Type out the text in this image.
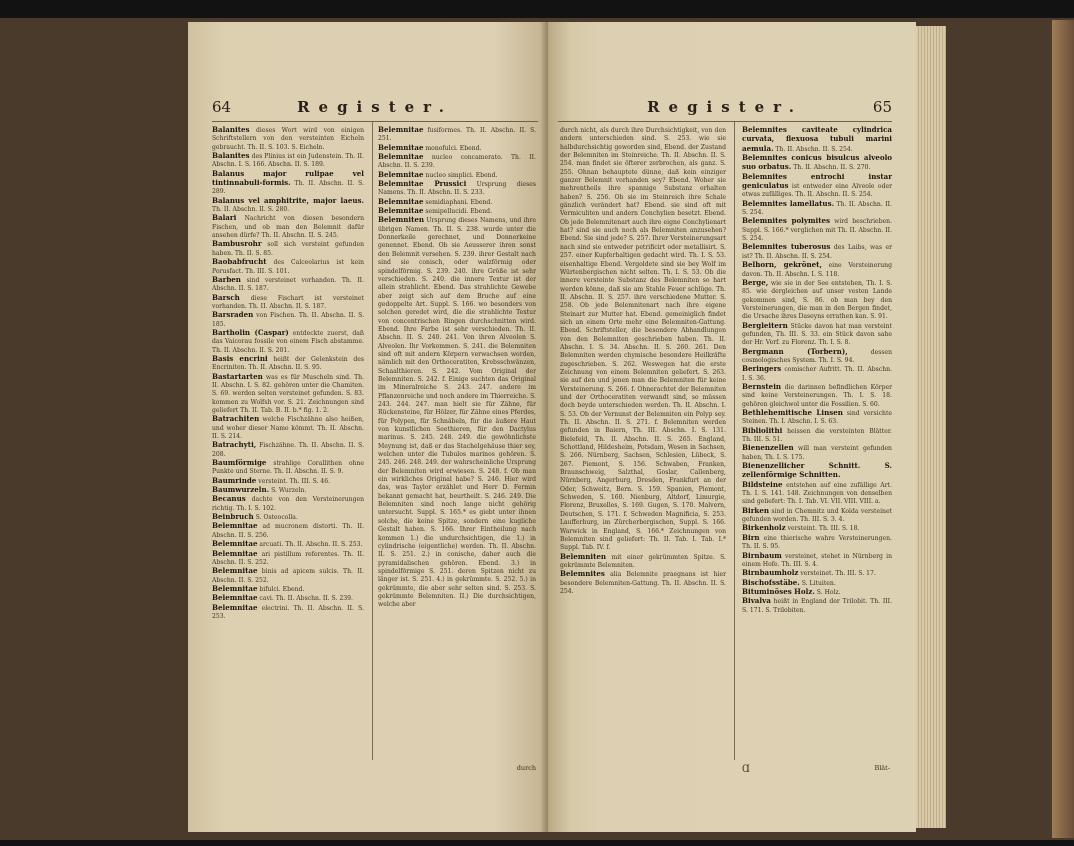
64	Register.

Balanites dieses Wort wird von einigen Schriftstellern von den versteinten Eicheln gebraucht. Th. II. S. 103. S. Eicheln.

Balanites des Plinius ist ein Judenstein. Th. II. Abschn. I. S. 166. Abschn. II. S. 189.

Balanus major rulipae vel tintinnabuli-formis. Th. II. Abschn. II. S. 289.

Balanus vel amphitrite, major laeus. Th. II. Abschn. II. S. 280.

Balari Nachricht von diesen besondern Fischen, und ob man den Belemnit dafür ansehen dürfe? Th. II. Abschn. II. S. 245.

Bambusrohr soll sich versteint gefunden haben. Th. II. S. 85.

Baobabfrucht des Calceolarius ist kein Porusfact. Th. III. S. 101.

Barben sind versteinet vorhanden. Th. II. Abschn. II. S. 187.

Barsch diese Fischart ist versteinet vorhanden. Th. II. Abschn. II. S. 187.

Barsraden von Fischen. Th. II. Abschn. II. S. 185.

Bartholin (Caspar) entdeckte zuerst, daß das Vaicorau fossile von einem Fisch abstamme. Th. II. Abschn. II. S. 201.

Basis encrini heißt der Gelenkstein des Encriniten. Th. II. Abschn. II. S. 95.

Bastartarten was es für Muscheln sind. Th. II. Abschn. I. S. 82. gehören unter die Chamiten. S. 69. werden selten versteinet gefunden. S. 83. kommen zu Wolfsh vor. S. 21. Zeichnungen sind geliefert Th. II. Tab. B. II. b.* fig. 1. 2.

Batrachiten welche Fischzähne also heißen, und woher dieser Name kömmt. Th. II. Abschn. II. S. 214.

Batrachyti, Fischzähne. Th. II. Abschn. II. S. 208.

Baumförmige strahlige Corallithen ohne Punkte und Sterne. Th. II. Abschn. II. S. 9.

Baumrinde versteint. Th. III. S. 46.

Baumwurzeln. S. Wurzeln.

Becanus dachte von den Versteinerungen richtig. Th. I. S. 102.

Beinbruch S. Osteocolla.

Belemnitae ad mucronem distorti. Th. II. Abschn. II. S. 256.

Belemnitae arcuati. Th. II. Abschn. II. S. 253.

Belemnitae ari pistillum referentes. Th. II. Abschn. II. S. 252.

Belemnitae binis ad apicem sulcis. Th. II. Abschn. II. S. 252.

Belemnitae bifulci. Ebend.

Belemnitae cavi. Th. II. Abschn. II. S. 239.

Belemnitae electrini. Th. II. Abschn. II. S. 253.

Belemnitae fusiformes. Th. II. Abschn. II. S. 251.

Belemnitae monofulci. Ebend.

Belemnitae nucleo concamerato. Th. II. Abschn. II. S. 239.

Belemnitae nucleo simplici. Ebend.

Belemnitae Prussici Ursprung dieses Namens. Th. II. Abschn. II. S. 233.

Belemnitae semidiaphani. Ebend.

Belemnitae semipellucidi. Ebend.

Belemniten Ursprung dieses Namens, und ihre übrigen Namen. Th. II. S. 238. wurde unter die Donnerkeile gerechnet, und Donnerkeine genennet. Ebend. Ob sie Aeusserer ihren sonst den Belemnit versehen. S. 239. ihrer Gestalt nach sind sie conisch, oder walzförmig oder spindelförmig. S. 239. 240. ihre Größe ist sehr verschieden. S. 240. die innere Textur ist der allein strahlicht. Ebend. Das strahlichte Gewebe aber zeigt sich auf dem Bruche auf eine gedoppelte Art. Suppl. S. 166. wo besonders von solchen geredet wird, die die strahlichte Textur von concentrischen Ringen durchschnitten wird. Ebend. Ihre Farbe ist sehr verschieden. Th. II. Abschn. II. S. 240. 241. Von ihren Alveolen S. Alveolen. Ihr Vorkommen. S. 241. die Belemniten sind oft mit andern Körpern verwachsen worden, nämlich mit den Orthoceratiten, Krebsschwänzen, Schaalthieren. S. 242. Vom Original der Belemniten. S. 242. f. Einige suchten das Original im Mineralreiche S. 243. 247. andere im Pflanzenreiche und noch andere im Thierreiche. S. 243. 244. 247. man hielt sie für Zähne, für Rückensteine, für Hölzer, für Zähne eines Pferdes, für Polypen, für Schnäbeln, für die äußere Haut von kunstlichen Seethieren, für den Dactylus marinus. S. 245. 248. 249. die gewöhnlichste Meynung ist, daß er das Stachelgehäuse thier sey, welchen unter die Tubulos marinos gehören. S. 245. 246. 248. 249. der wahrscheinliche Ursprung der Belemniten wird erwiesen. S. 248. f. Ob man ein wirkliches Original habe? S. 246. Hier wird das, was Taylor erzählet und Herr D. Fermin bekannt gemacht hat, beurtheilt. S. 246. 249. Die Belemniten sind noch lange nicht gehörig untersucht. Suppl. S. 165.* es giebt unter ihnen solche, die keine Spitze, sondern eine kugliche Gestalt haben. S. 166. Ihrer Eintheilung nach kommen 1.) die undurchsichtigen, die 1.) in cylindrische (eigentliche) werden. Th. II. Abschn. II. S. 251. 2.) in conische, daher auch die pyramidalischen gehören. Ebend. 3.) in spindelförmige S. 251. deren Spitzen nicht zu länger ist. S. 251. 4.) in gekrümmte. S. 252. 5.) in gekrümmte, die aber sehr selten sind. S. 253. S. gekrümmte Belemniten. II.) Die durchsichtigen, welche aber

durch
Register.	65

durch nicht, als durch ihre Durchsichtigkeit, von den andern unterschieden sind. S. 253. wie sie halbdurchsichtig geworden sind, Ebend. der Zustand der Belemniten im Steinreiche. Th. II. Abschn. II. S. 254. man findet sie öfterer zerbrochen, als ganz. S. 255. Ohnan behauptete dünne, daß kein einziger ganzer Belemnit vorhanden sey? Ebend. Woher sie mehrentheils ihre spannige Substanz erhalten haben? S. 256. Ob sie im Steinreich ihre Schale gänzlich verändert hat? Ebend. sie sind oft mit Vermiculiten und andern Conchylien besetzt. Ebend. Ob jede Belemnitenart auch ihre eigne Conchylienart hat? sind sie auch noch als Belemniten anzusehen? Ebend. Sie sind jede? S. 257. Ihrer Versteinerungsart nach sind sie entweder petrificirt oder metallisirt. S. 257. einer Kupferhaltigen gedacht wird. Th. I. S. 53. eisenhaltige Ebend. Vergoldete sind sie bey Wolf im Würtenbergischen nicht selten. Th. I. S. 53. Ob die innere versteinte Substanz des Belemniten so hart werden könne, daß sie am Stahle Feuer schlüge. Th. II. Abschn. II. S. 257. ihre verschiedene Mutter. S. 258. Ob jede Belemnitenart nach ihre eigene Steinart zur Mutter hat. Ebend. gemeiniglich findet sich an einem Orte mehr eine Belemniten-Gattung. Ebend. Schriftsteller, die besondere Abhandlungen von den Belemniten geschrieben haben. Th. II. Abschn. I. S. 34. Abschn. II. S. 260. 261. Den Belemniten werden chymische besondere Heilkräfte zugeschrieben. S. 262. Weswegen hat die erste Zeichnung von einem Belemniten geliefert. S. 263. sie auf den und jenen man die Belemniten für keine Versteinerung. S. 266. f. Ohnerachtet der Belemniten und der Orthoceratiten verwandt sind, so müssen doch beyde unterschieden werden. Th. II. Abschn. I. S. 53. Ob der Vernunst der Belemniten ein Polyp sey. Th. II. Abschn. II. S. 271. f. Belemniten werden gefunden in Baiern, Th. III. Abschn. I. S. 131. Bielefeld, Th. II. Abschn. II. S. 265. England, Schottland, Hildesheim, Potsdam, Wesen in Sachsen, S. 266. Nürnberg, Sachsen, Schlesien, Lübeck, S. 267. Piemont, S. 156. Schwaben, Franken, Braunschweig, Salzthal, Goslar, Callenberg, Nürnberg, Angerburg, Dresden, Frankfurt an der Oder, Schweitz, Bern. S. 159. Spanien, Piemont, Schweden, S. 160. Nienburg, Altdorf, Limurgie, Florenz, Bruxelles, S. 169. Gugen, S. 170. Malvern, Deutschen, S. 171. f. Schweden Magnificia, S. 253. Laufferburg, im Zürcherbergischen, Suppl. S. 166. Warwick in England, S. 166.* Zeichnungen von Belemniten sind geliefert: Th. II. Tab. I. Tab. I.* Suppl. Tab. IV. f.

Belemniten mit einer gekrümmten Spitze. S. gekrümmte Belemniten.

Belemnites alia Belemnite praegnans ist hier besondere Belemniten-Gattung. Th. II. Abschn. II. S. 254.

Belemnites caviteate cylindrica curvata, flexuosa tubuli marini aemula. Th. II. Abschn. II. S. 254.

Belemnites conicus bisulcus alveolo suo orbatus. Th. II. Abschn. II. S. 270.

Belemnites entrochi instar geniculatus ist entweder eine Alveole oder etwas zufälliges. Th. II. Abschn. II. S. 254.

Belemnites lamellatus. Th. II. Abschn. II. S. 254.

Belemnites polymites wird beschrieben. Suppl. S. 166.* verglichen mit Th. II. Abschn. II. S. 254.

Belemnites tuberosus des Laibs, was er ist? Th. II. Abschn. II. S. 254.

Belhorn, gekrönet, eine Versteinerung davon. Th. II. Abschn. I. S. 118.

Berge, wie sie in der See entstehen, Th. I. S. 85. wie dergleichen auf unser vesten Lande gekommen sind, S. 86. ob man bey den Versteinerungen, die man in den Bergen findet, die Ursache ihres Daseyns errathen kan. S. 91.

Bergleitern Stücke davon hat man versteint gefunden, Th. III. S. 33. ein Stück davon sahe der Hr. Verf. zu Florenz. Th. I. S. 8.

Bergmann (Torbern),	dessen cosmologisches System. Th. I. S. 94.

Beringers comischer Aufritt. Th. II. Abschn. I. S. 36.

Bernstein die darinnen befindlichen Körper sind keine Versteinerungen. Th. I. S. 18. gehören gleichwol unter die Fossilien. S. 60.

Bethlehemitische Linsen sind versichte Steinen. Th. I. Abschn. I. S. 63.

Bibliolithi heissen die versteinten Blätter. Th. III. S. 51.

Bienenzellen will man versteint gefunden haben, Th. I. S. 175.

Bienenzellicher Schnitt. S. zellenförmige Schnitten.

Bildsteine entstehen auf eine zufällige Art. Th. I. S. 141. 148. Zeichnungen von denselben sind geliefert: Th. I. Tab. VI. VII. VIII. VIII. a.

Birken sind in Chemnitz und Kolda versteinet gefunden worden. Th. III. S. 3. 4.

Birkenholz versteint. Th. III. S. 18.

Birn eine thierische wahre Versteinerungen. Th. II. S. 95.

Birnbaum versteinet, stehet in Nürnberg in einem Hofe. Th. III. S. 4.

Birnbaumholz versteinet. Th. III. S. 17.

Bischofsstäbe. S. Lituiten.

Bituminöses Holz. S. Holz.

Bivalva heißt in England der Trilobit. Th. III. S. 171. S. Trilobiten.

Ɑ	Blät-
